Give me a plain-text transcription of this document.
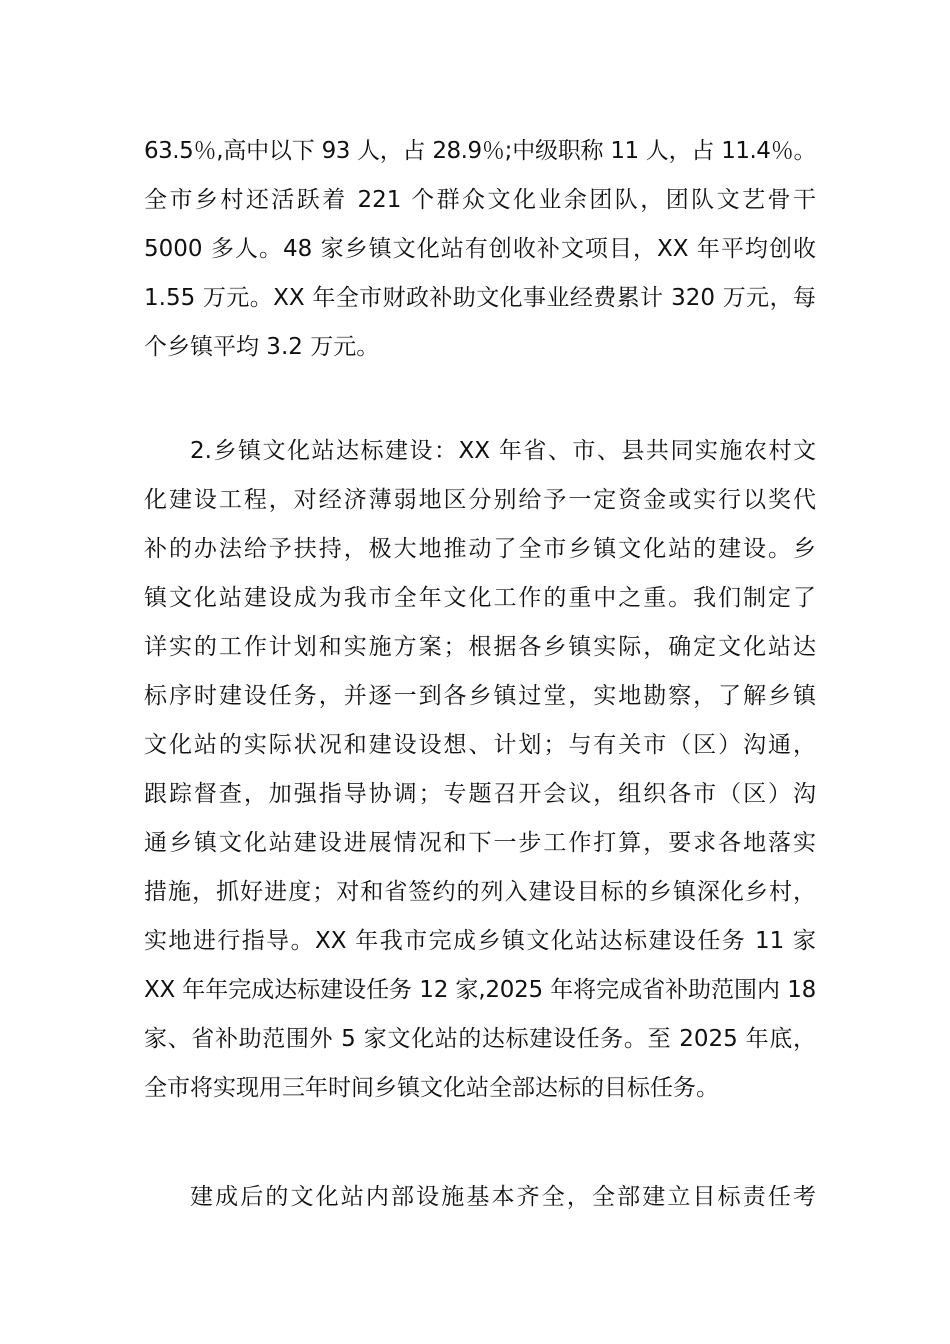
63.5％,高中以下 93 人，占 28.9％;中级职称 11 人，占 11.4％。
全市乡村还活跃着 221 个群众文化业余团队，团队文艺骨干
5000 多人。48 家乡镇文化站有创收补文项目，XX 年平均创收
1.55 万元。XX 年全市财政补助文化事业经费累计 320 万元，每
个乡镇平均 3.2 万元。
2.乡镇文化站达标建设：XX 年省、市、县共同实施农村文
化建设工程，对经济薄弱地区分别给予一定资金或实行以奖代
补的办法给予扶持，极大地推动了全市乡镇文化站的建设。乡
镇文化站建设成为我市全年文化工作的重中之重。我们制定了
详实的工作计划和实施方案；根据各乡镇实际，确定文化站达
标序时建设任务，并逐一到各乡镇过堂，实地勘察，了解乡镇
文化站的实际状况和建设设想、计划；与有关市（区）沟通，
跟踪督查，加强指导协调；专题召开会议，组织各市（区）沟
通乡镇文化站建设进展情况和下一步工作打算，要求各地落实
措施，抓好进度；对和省签约的列入建设目标的乡镇深化乡村，
实地进行指导。XX 年我市完成乡镇文化站达标建设任务 11 家
XX 年年完成达标建设任务 12 家,2025 年将完成省补助范围内 18
家、省补助范围外 5 家文化站的达标建设任务。至 2025 年底，
全市将实现用三年时间乡镇文化站全部达标的目标任务。
建成后的文化站内部设施基本齐全，全部建立目标责任考
